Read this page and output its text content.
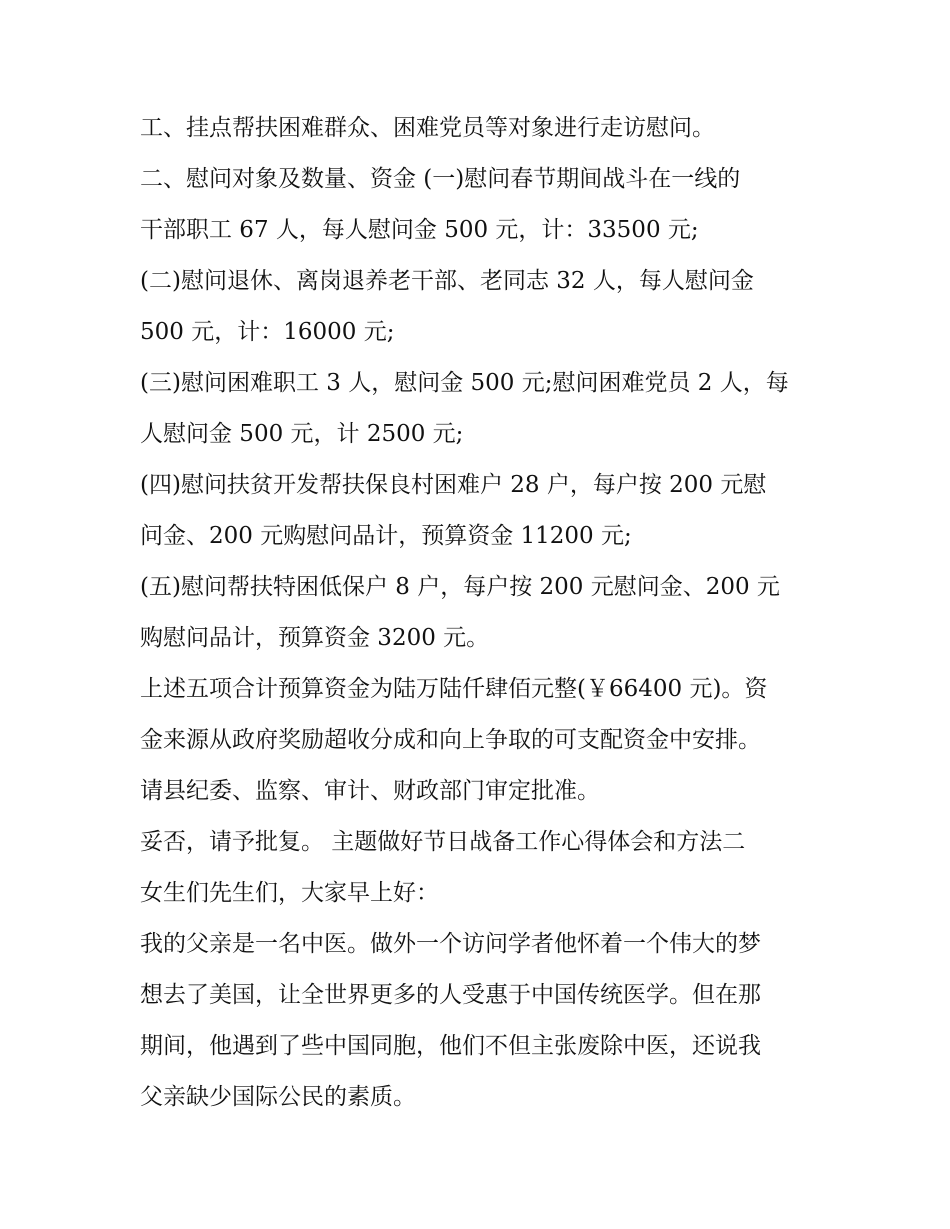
工、挂点帮扶困难群众、困难党员等对象进行走访慰问。
二、慰问对象及数量、资金 (一)慰问春节期间战斗在一线的
干部职工 67 人，每人慰问金 500 元，计：33500 元;
(二)慰问退休、离岗退养老干部、老同志 32 人，每人慰问金
500 元，计：16000 元;
(三)慰问困难职工 3 人，慰问金 500 元;慰问困难党员 2 人，每
人慰问金 500 元，计 2500 元;
(四)慰问扶贫开发帮扶保良村困难户 28 户，每户按 200 元慰
问金、200 元购慰问品计，预算资金 11200 元;
(五)慰问帮扶特困低保户 8 户，每户按 200 元慰问金、200 元
购慰问品计，预算资金 3200 元。
上述五项合计预算资金为陆万陆仟肆佰元整(￥66400 元)。资
金来源从政府奖励超收分成和向上争取的可支配资金中安排。
请县纪委、监察、审计、财政部门审定批准。
妥否，请予批复。 主题做好节日战备工作心得体会和方法二
女生们先生们，大家早上好：
我的父亲是一名中医。做外一个访问学者他怀着一个伟大的梦
想去了美国，让全世界更多的人受惠于中国传统医学。但在那
期间，他遇到了些中国同胞，他们不但主张废除中医，还说我
父亲缺少国际公民的素质。
